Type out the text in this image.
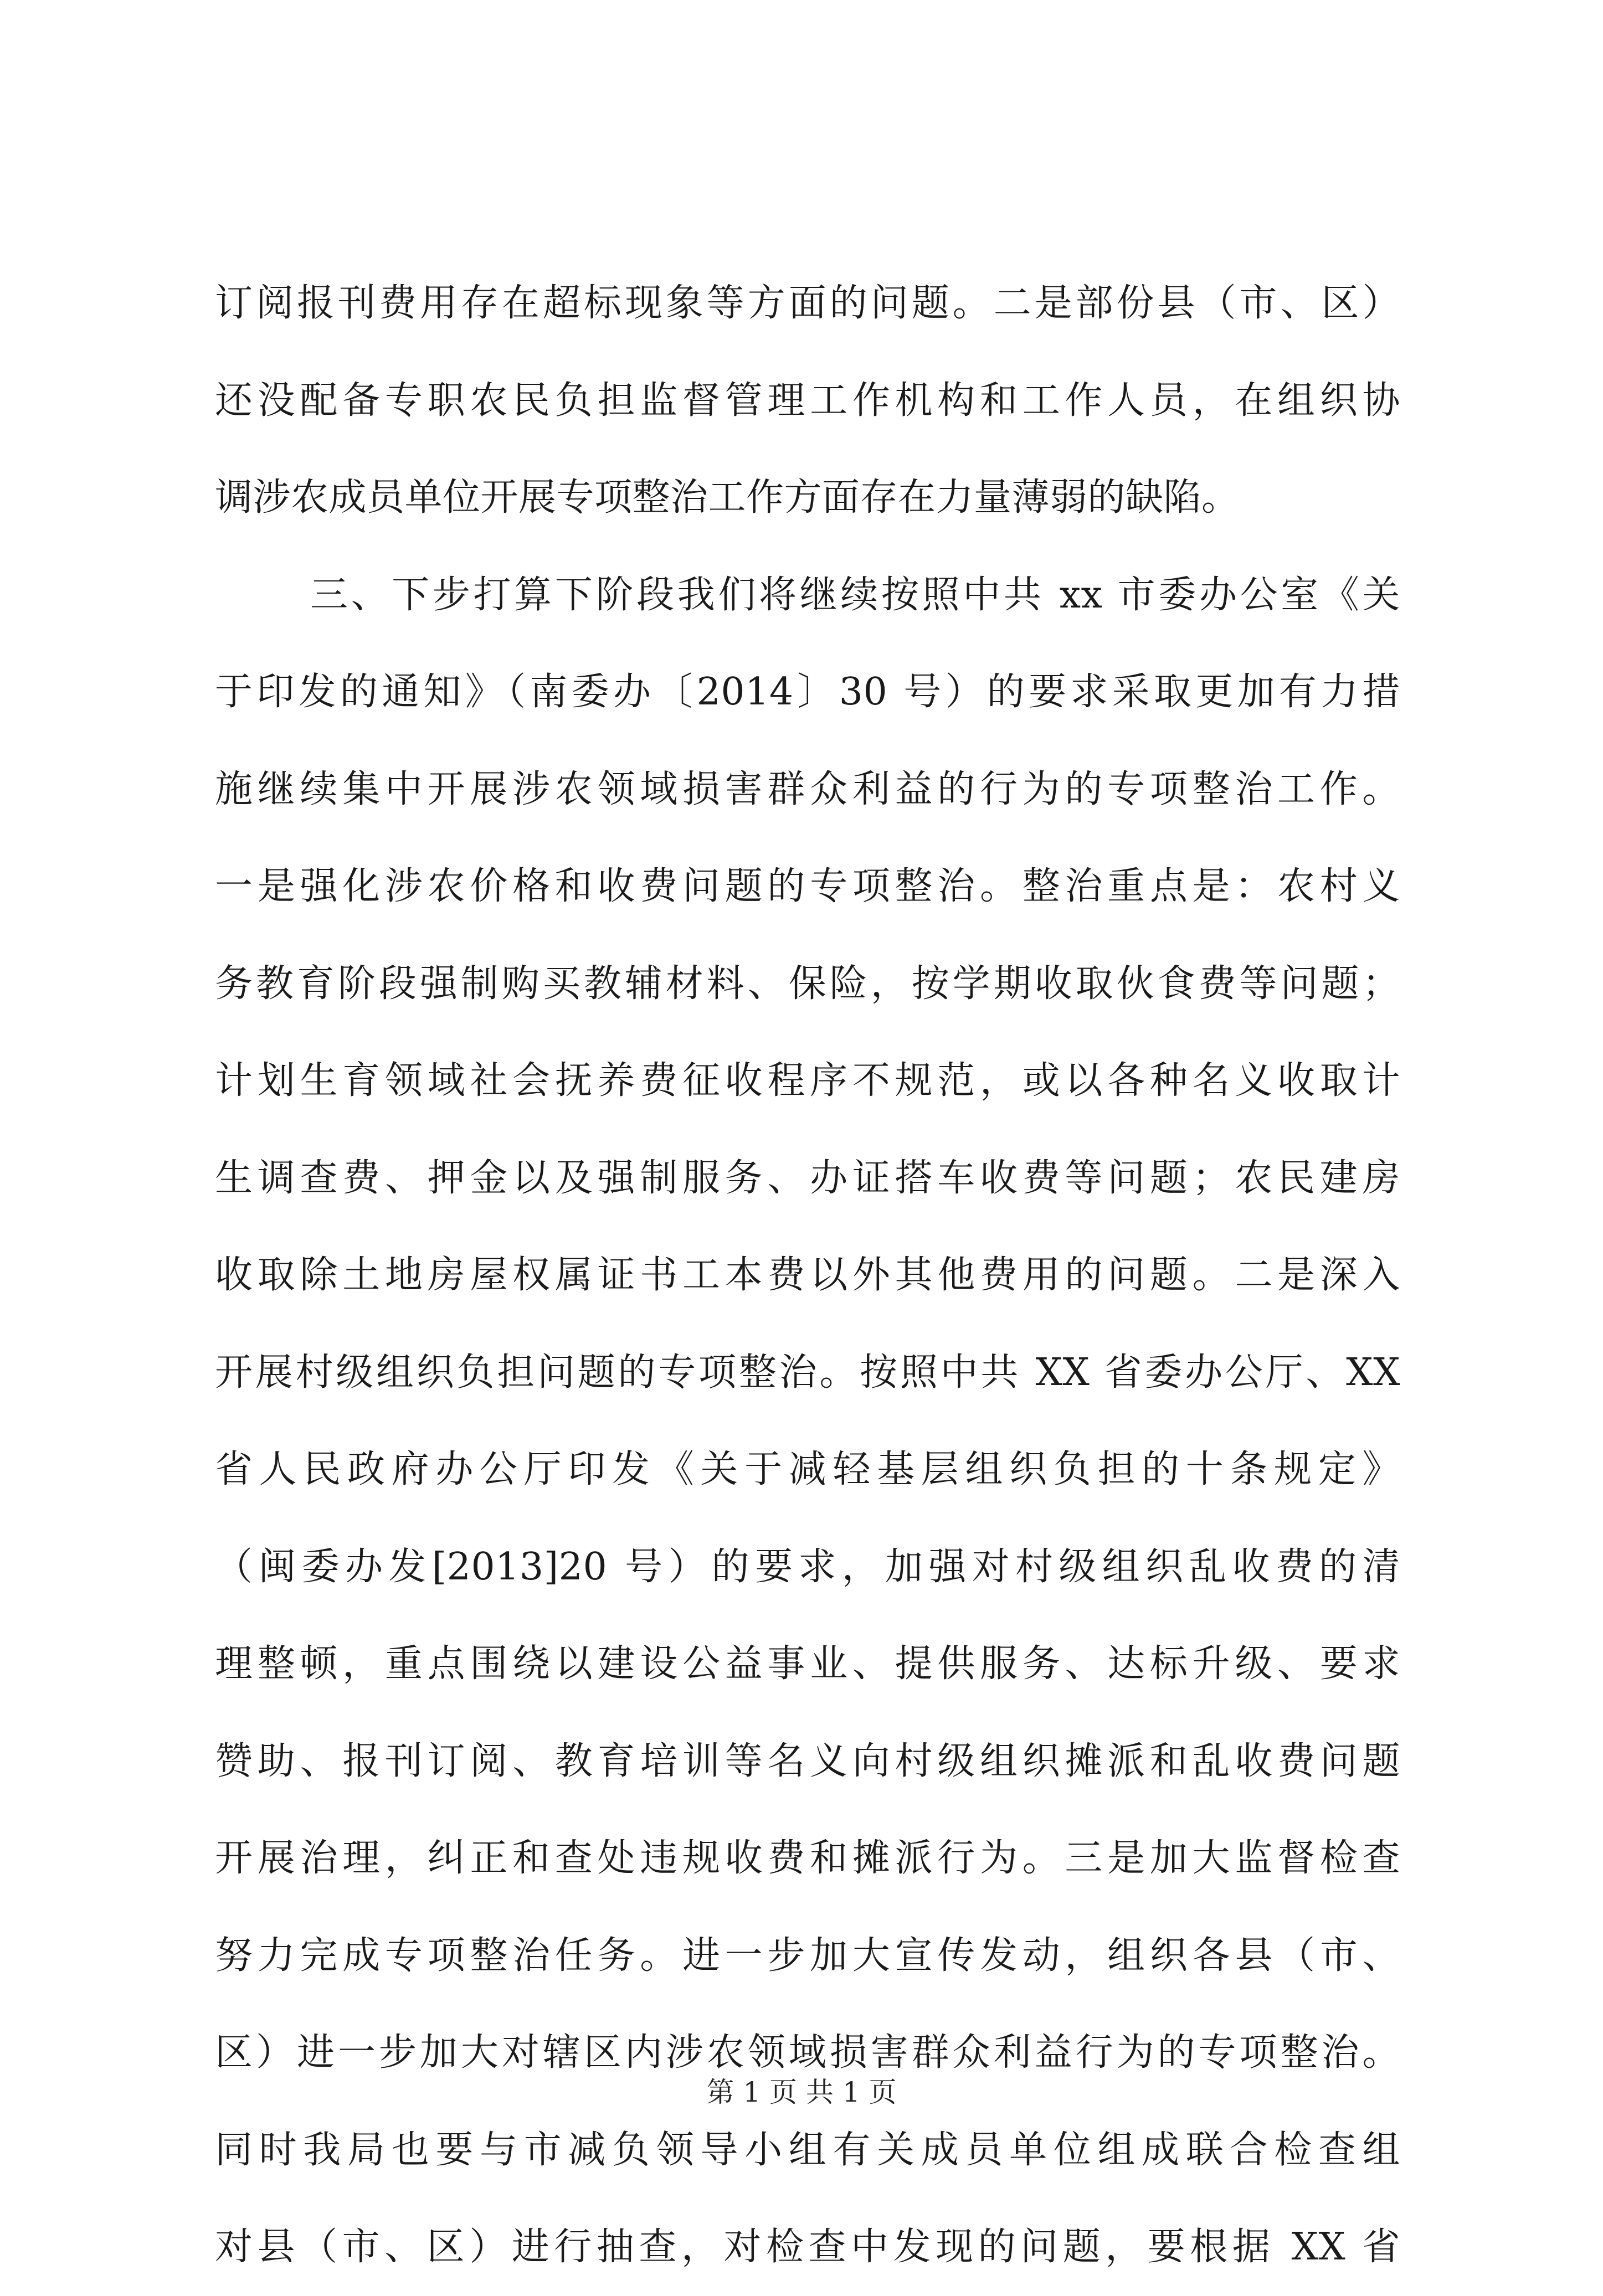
订阅报刊费用存在超标现象等方面的问题。二是部份县（市、区）
还没配备专职农民负担监督管理工作机构和工作人员，在组织协
调涉农成员单位开展专项整治工作方面存在力量薄弱的缺陷。
三、下步打算下阶段我们将继续按照中共 xx 市委办公室《关
于印发的通知》（南委办〔2014〕30 号）的要求采取更加有力措
施继续集中开展涉农领域损害群众利益的行为的专项整治工作。
一是强化涉农价格和收费问题的专项整治。整治重点是：农村义
务教育阶段强制购买教辅材料、保险，按学期收取伙食费等问题；
计划生育领域社会抚养费征收程序不规范，或以各种名义收取计
生调查费、押金以及强制服务、办证搭车收费等问题；农民建房
收取除土地房屋权属证书工本费以外其他费用的问题。二是深入
开展村级组织负担问题的专项整治。按照中共 XX 省委办公厅、XX
省人民政府办公厅印发《关于减轻基层组织负担的十条规定》
（闽委办发[2013]20 号）的要求，加强对村级组织乱收费的清
理整顿，重点围绕以建设公益事业、提供服务、达标升级、要求
赞助、报刊订阅、教育培训等名义向村级组织摊派和乱收费问题
开展治理，纠正和查处违规收费和摊派行为。三是加大监督检查
努力完成专项整治任务。进一步加大宣传发动，组织各县（市、
区）进一步加大对辖区内涉农领域损害群众利益行为的专项整治。
同时我局也要与市减负领导小组有关成员单位组成联合检查组
对县（市、区）进行抽查，对检查中发现的问题，要根据 XX 省
第 1 页 共 1 页
